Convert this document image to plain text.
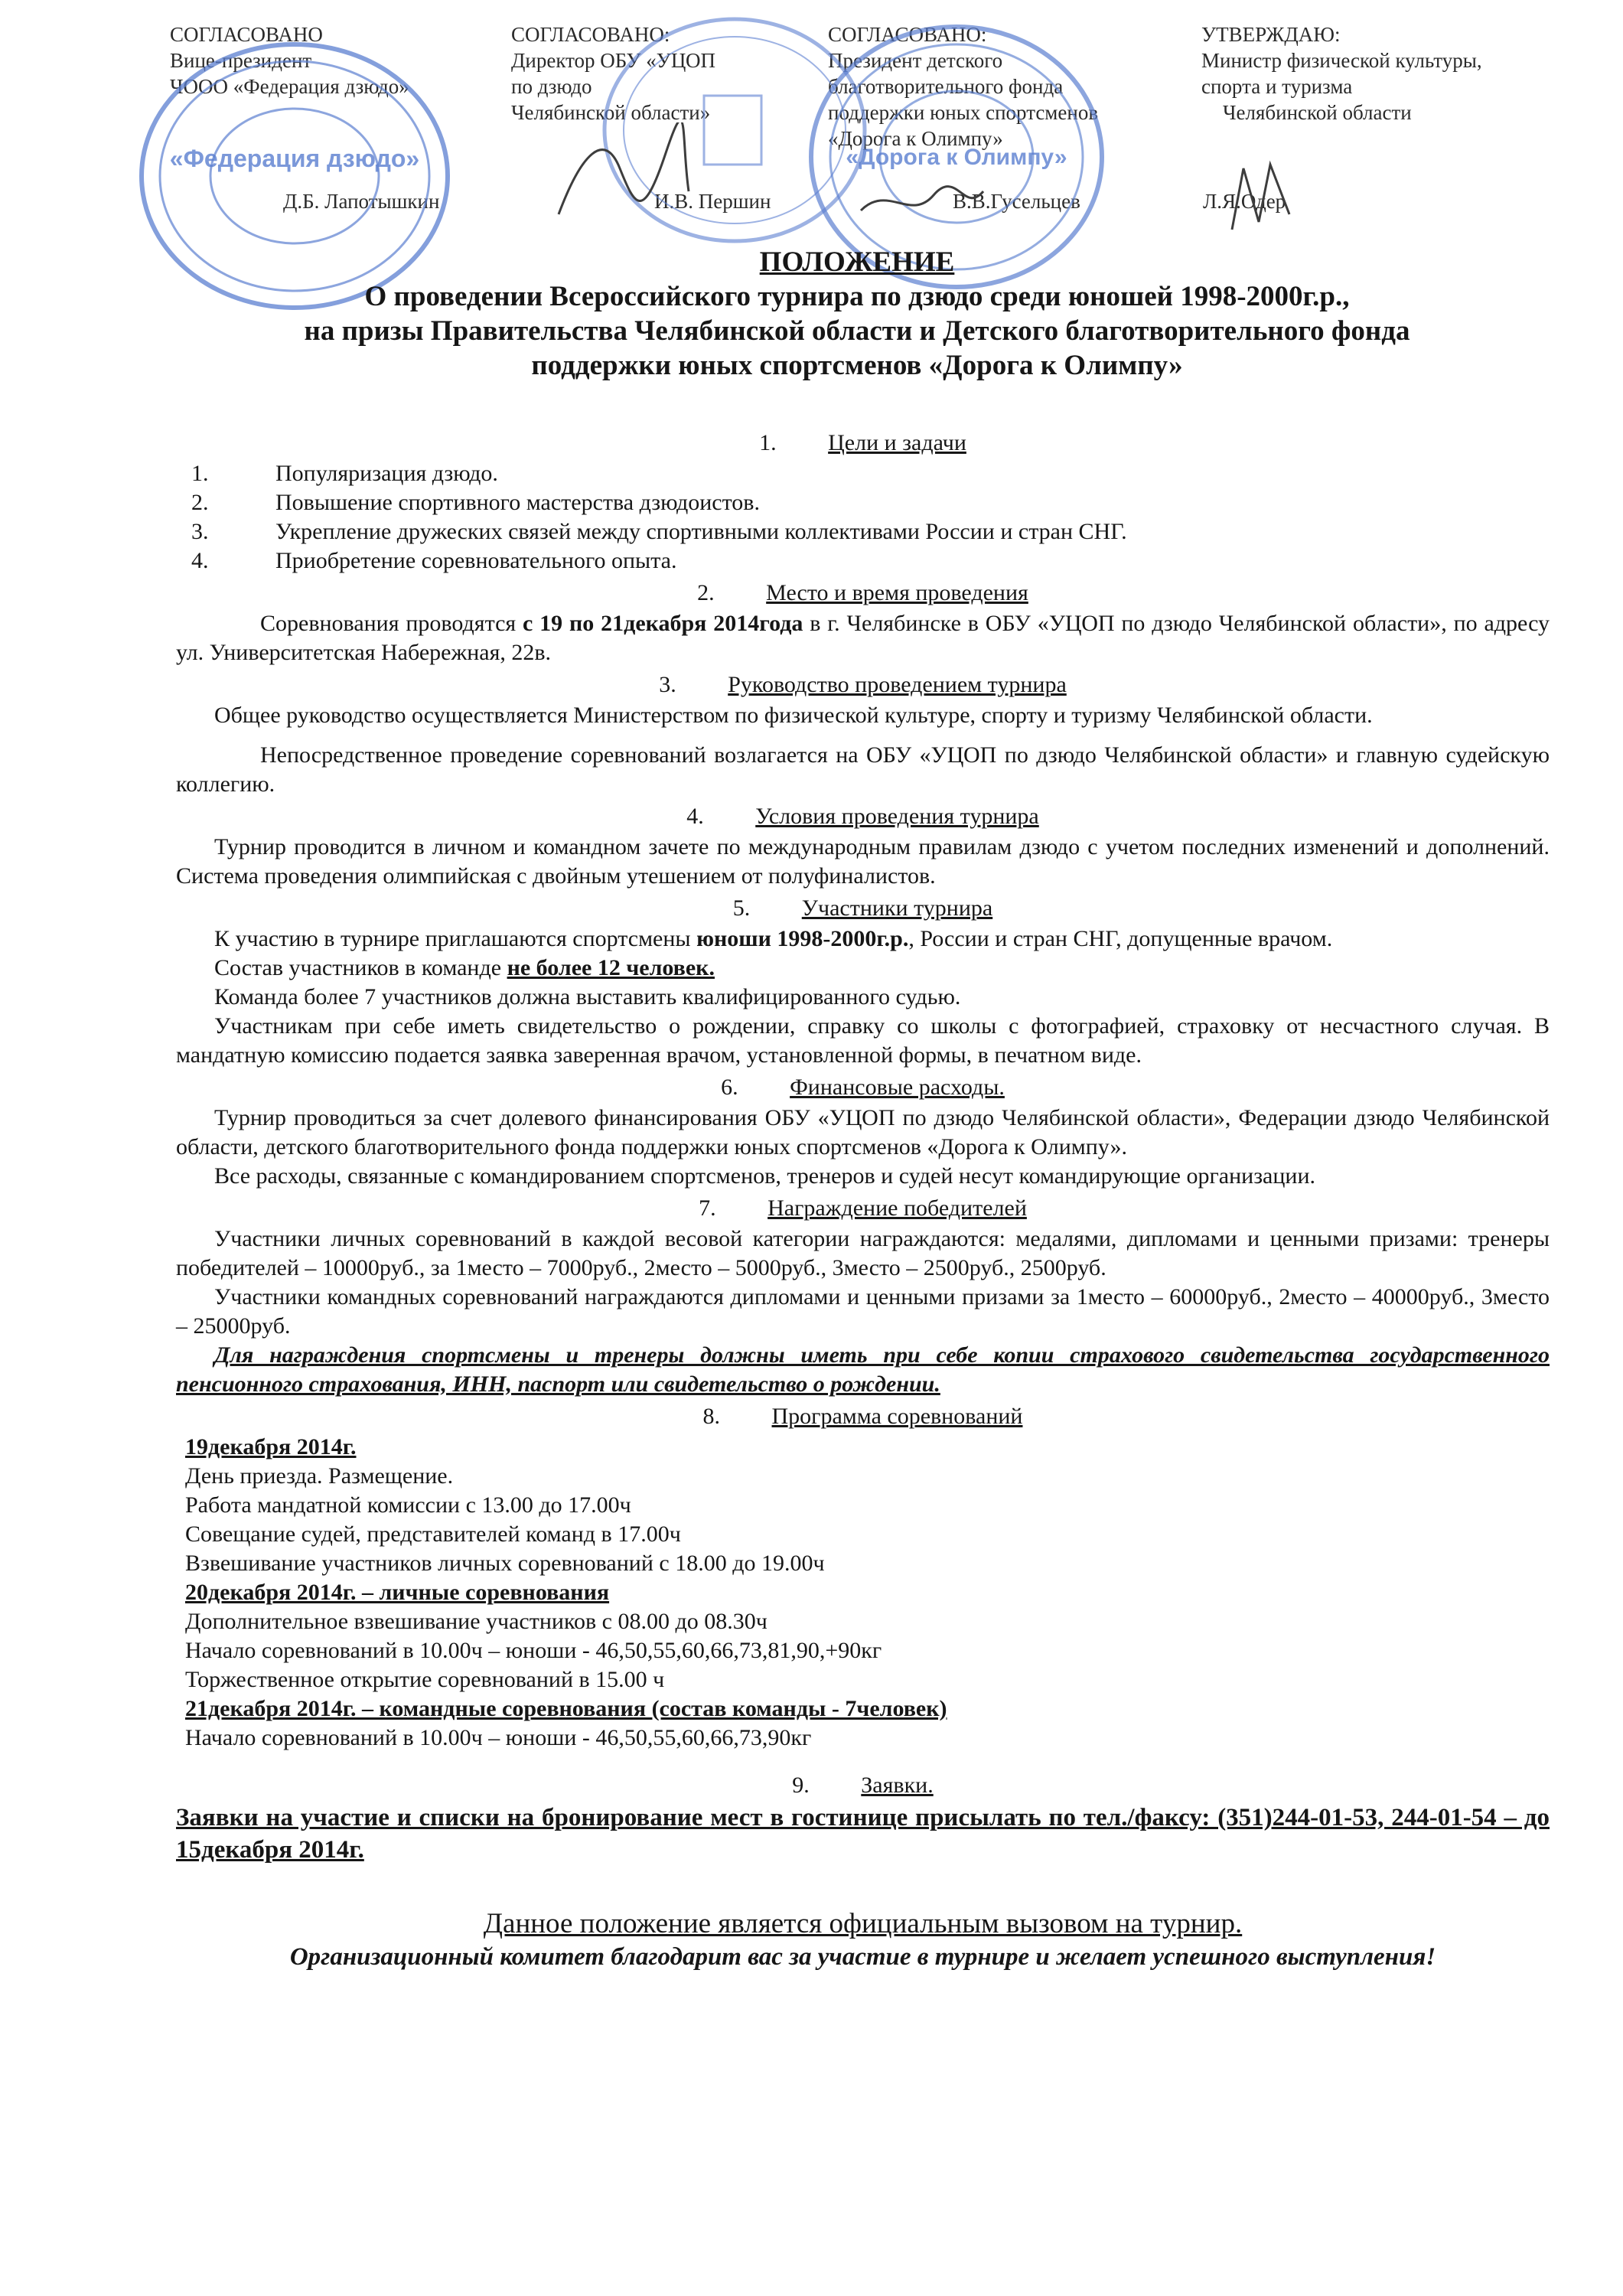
СОГЛАСОВАНО
Вице-президент
ЧООО «Федерация дзюдо»
СОГЛАСОВАНО:
Директор ОБУ «УЦОП
по дзюдо
Челябинской области»
СОГЛАСОВАНО:
Президент детского
благотворительного фонда
поддержки юных спортсменов
«Дорога к Олимпу»
УТВЕРЖДАЮ:
Министр физической культуры,
спорта и туризма
Челябинской области
Д.Б. Лапотышкин	И.В. Першин	В.В.Гусельцев	Л.Я.Одер
«Федерация дзюдо»	«Дорога к Олимпу»
ПОЛОЖЕНИЕ
О проведении Всероссийского турнира по дзюдо среди юношей 1998-2000г.р.,
на призы Правительства Челябинской области и Детского благотворительного фонда
поддержки юных спортсменов «Дорога к Олимпу»
1. Цели и задачи
1.	Популяризация дзюдо.
2.	Повышение спортивного мастерства дзюдоистов.
3.	Укрепление дружеских связей между спортивными коллективами России и стран СНГ.
4.	Приобретение соревновательного опыта.
2. Место и время проведения

Соревнования проводятся с 19 по 21декабря 2014года в г. Челябинске в ОБУ «УЦОП по дзюдо Челябинской области», по адресу ул. Университетская Набережная, 22в.

3. Руководство проведением турнира

Общее руководство осуществляется Министерством по физической культуре, спорту и туризму Челябинской области.

Непосредственное проведение соревнований возлагается на ОБУ «УЦОП по дзюдо Челябинской области» и главную судейскую коллегию.

4. Условия проведения турнира

Турнир проводится в личном и командном зачете по международным правилам дзюдо с учетом последних изменений и дополнений. Система проведения олимпийская с двойным утешением от полуфиналистов.

5. Участники турнира

К участию в турнире приглашаются спортсмены юноши 1998-2000г.р., России и стран СНГ, допущенные врачом.

Состав участников в команде не более 12 человек.

Команда более 7 участников должна выставить квалифицированного судью.

Участникам при себе иметь свидетельство о рождении, справку со школы с фотографией, страховку от несчастного случая. В мандатную комиссию подается заявка заверенная врачом, установленной формы, в печатном виде.

6. Финансовые расходы.

Турнир проводиться за счет долевого финансирования ОБУ «УЦОП по дзюдо Челябинской области», Федерации дзюдо Челябинской области, детского благотворительного фонда поддержки юных спортсменов «Дорога к Олимпу».

Все расходы, связанные с командированием спортсменов, тренеров и судей несут командирующие организации.

7. Награждение победителей

Участники личных соревнований в каждой весовой категории награждаются: медалями, дипломами и ценными призами: тренеры победителей – 10000руб., за 1место – 7000руб., 2место – 5000руб., 3место – 2500руб., 2500руб.

Участники командных соревнований награждаются дипломами и ценными призами за 1место – 60000руб., 2место – 40000руб., 3место – 25000руб.

Для награждения спортсмены и тренеры должны иметь при себе копии страхового свидетельства государственного пенсионного страхования, ИНН, паспорт или свидетельство о рождении.

8. Программа соревнований
19декабря 2014г.
День приезда. Размещение.
Работа мандатной комиссии с 13.00 до 17.00ч
Совещание судей, представителей команд в 17.00ч
Взвешивание участников личных соревнований с 18.00 до 19.00ч
20декабря 2014г. – личные соревнования
Дополнительное взвешивание участников с 08.00 до 08.30ч
Начало соревнований в 10.00ч – юноши - 46,50,55,60,66,73,81,90,+90кг
Торжественное открытие соревнований в 15.00 ч
21декабря 2014г. – командные соревнования (состав команды - 7человек)
Начало соревнований в 10.00ч – юноши - 46,50,55,60,66,73,90кг
9. Заявки.

Заявки на участие и списки на бронирование мест в гостинице присылать по тел./факсу: (351)244-01-53, 244-01-54 – до 15декабря 2014г.

Данное положение является официальным вызовом на турнир.
Организационный комитет благодарит вас за участие в турнире и желает успешного выступления!
